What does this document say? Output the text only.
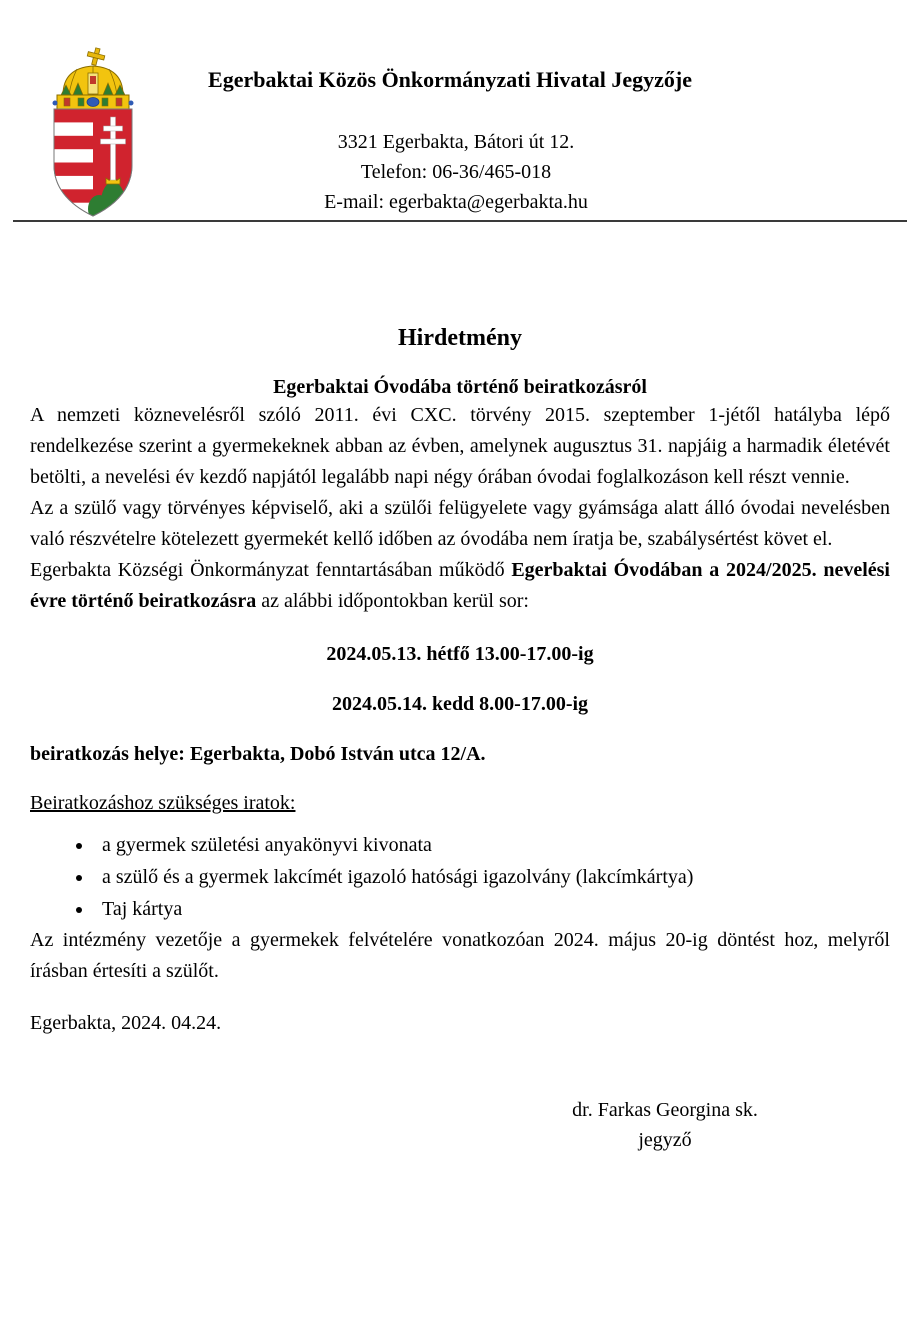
Egerbaktai Közös Önkormányzati Hivatal Jegyzője
3321 Egerbakta, Bátori út 12.
Telefon: 06-36/465-018
E-mail: egerbakta@egerbakta.hu
Hirdetmény
Egerbaktai Óvodába történő beiratkozásról

A nemzeti köznevelésről szóló 2011. évi CXC. törvény 2015. szeptember 1-jétől hatályba lépő rendelkezése szerint a gyermekeknek abban az évben, amelynek augusztus 31. napjáig a harmadik életévét betölti, a nevelési év kezdő napjától legalább napi négy órában óvodai foglalkozáson kell részt vennie.

Az a szülő vagy törvényes képviselő, aki a szülői felügyelete vagy gyámsága alatt álló óvodai nevelésben való részvételre kötelezett gyermekét kellő időben az óvodába nem íratja be, szabálysértést követ el.

Egerbakta Községi Önkormányzat fenntartásában működő Egerbaktai Óvodában a 2024/2025. nevelési évre történő beiratkozásra az alábbi időpontokban kerül sor:

2024.05.13. hétfő 13.00-17.00-ig

2024.05.14. kedd 8.00-17.00-ig

beiratkozás helye: Egerbakta, Dobó István utca 12/A.

Beiratkozáshoz szükséges iratok:

• a gyermek születési anyakönyvi kivonata
• a szülő és a gyermek lakcímét igazoló hatósági igazolvány (lakcímkártya)
• Taj kártya

Az intézmény vezetője a gyermekek felvételére vonatkozóan 2024. május 20-ig döntést hoz, melyről írásban értesíti a szülőt.

Egerbakta, 2024. 04.24.

dr. Farkas Georgina sk.
jegyző
